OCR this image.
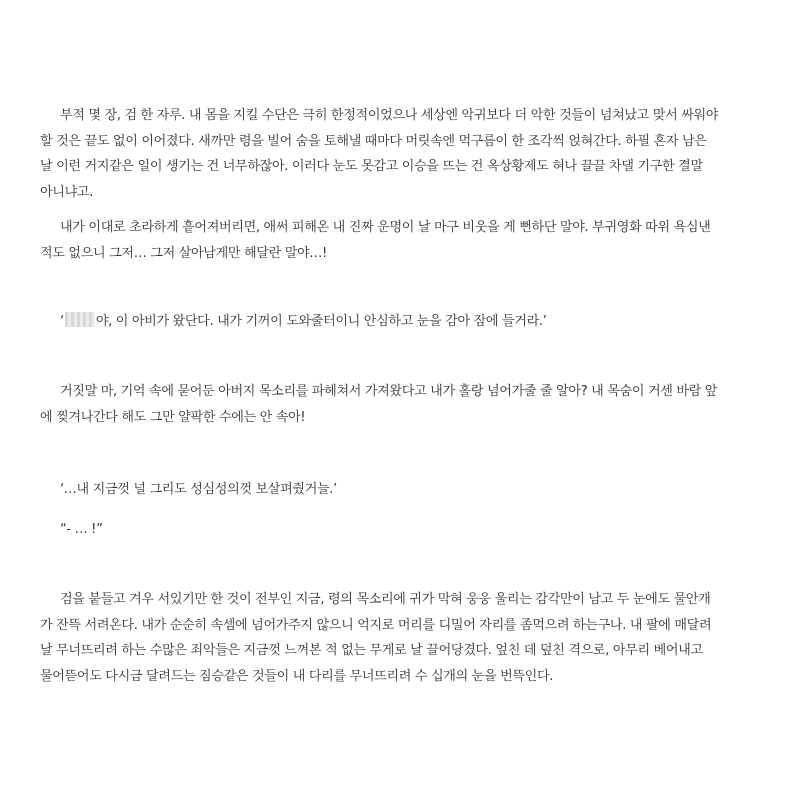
부적 몇 장, 검 한 자루. 내 몸을 지킬 수단은 극히 한정적이었으나 세상엔 악귀보다 더 악한 것들이 넘쳐났고 맞서 싸워야
할 것은 끝도 없이 이어졌다. 새까만 령을 빌어 숨을 토해낼 때마다 머릿속엔 먹구름이 한 조각씩 얹혀간다. 하필 혼자 남은
날 이런 거지같은 일이 생기는 건 너무하잖아. 이러다 눈도 못감고 이승을 뜨는 건 옥상황제도 혀나 끌끌 차댈 기구한 결말
아니냐고.
내가 이대로 초라하게 흩어져버리면, 애써 피해온 내 진짜 운명이 날 마구 비웃을 게 뻔하단 말야. 부귀영화 따위 욕심낸
적도 없으니 그저… 그저 살아남게만 해달란 말야…!
‘ 야, 이 아비가 왔단다. 내가 기꺼이 도와줄터이니 안심하고 눈을 감아 잠에 들거라.’
거짓말 마, 기억 속에 묻어둔 아버지 목소리를 파헤쳐서 가져왔다고 내가 홀랑 넘어가줄 줄 알아? 내 목숨이 거센 바람 앞
에 찢겨나간다 해도 그만 얄팍한 수에는 안 속아!
‘…내 지금껏 널 그리도 성심성의껏 보살펴줬거늘.’
“- … !”
검을 붙들고 겨우 서있기만 한 것이 전부인 지금, 령의 목소리에 귀가 막혀 웅웅 울리는 감각만이 남고 두 눈에도 물안개
가 잔뜩 서려온다. 내가 순순히 속셈에 넘어가주지 않으니 억지로 머리를 디밀어 자리를 좀먹으려 하는구나. 내 팔에 매달려
날 무너뜨리려 하는 수많은 죄악들은 지금껏 느껴본 적 없는 무게로 날 끌어당겼다. 엎친 데 덮친 격으로, 아무리 베어내고
물어뜯어도 다시금 달려드는 짐승같은 것들이 내 다리를 무너뜨리려 수 십개의 눈을 번뜩인다.
